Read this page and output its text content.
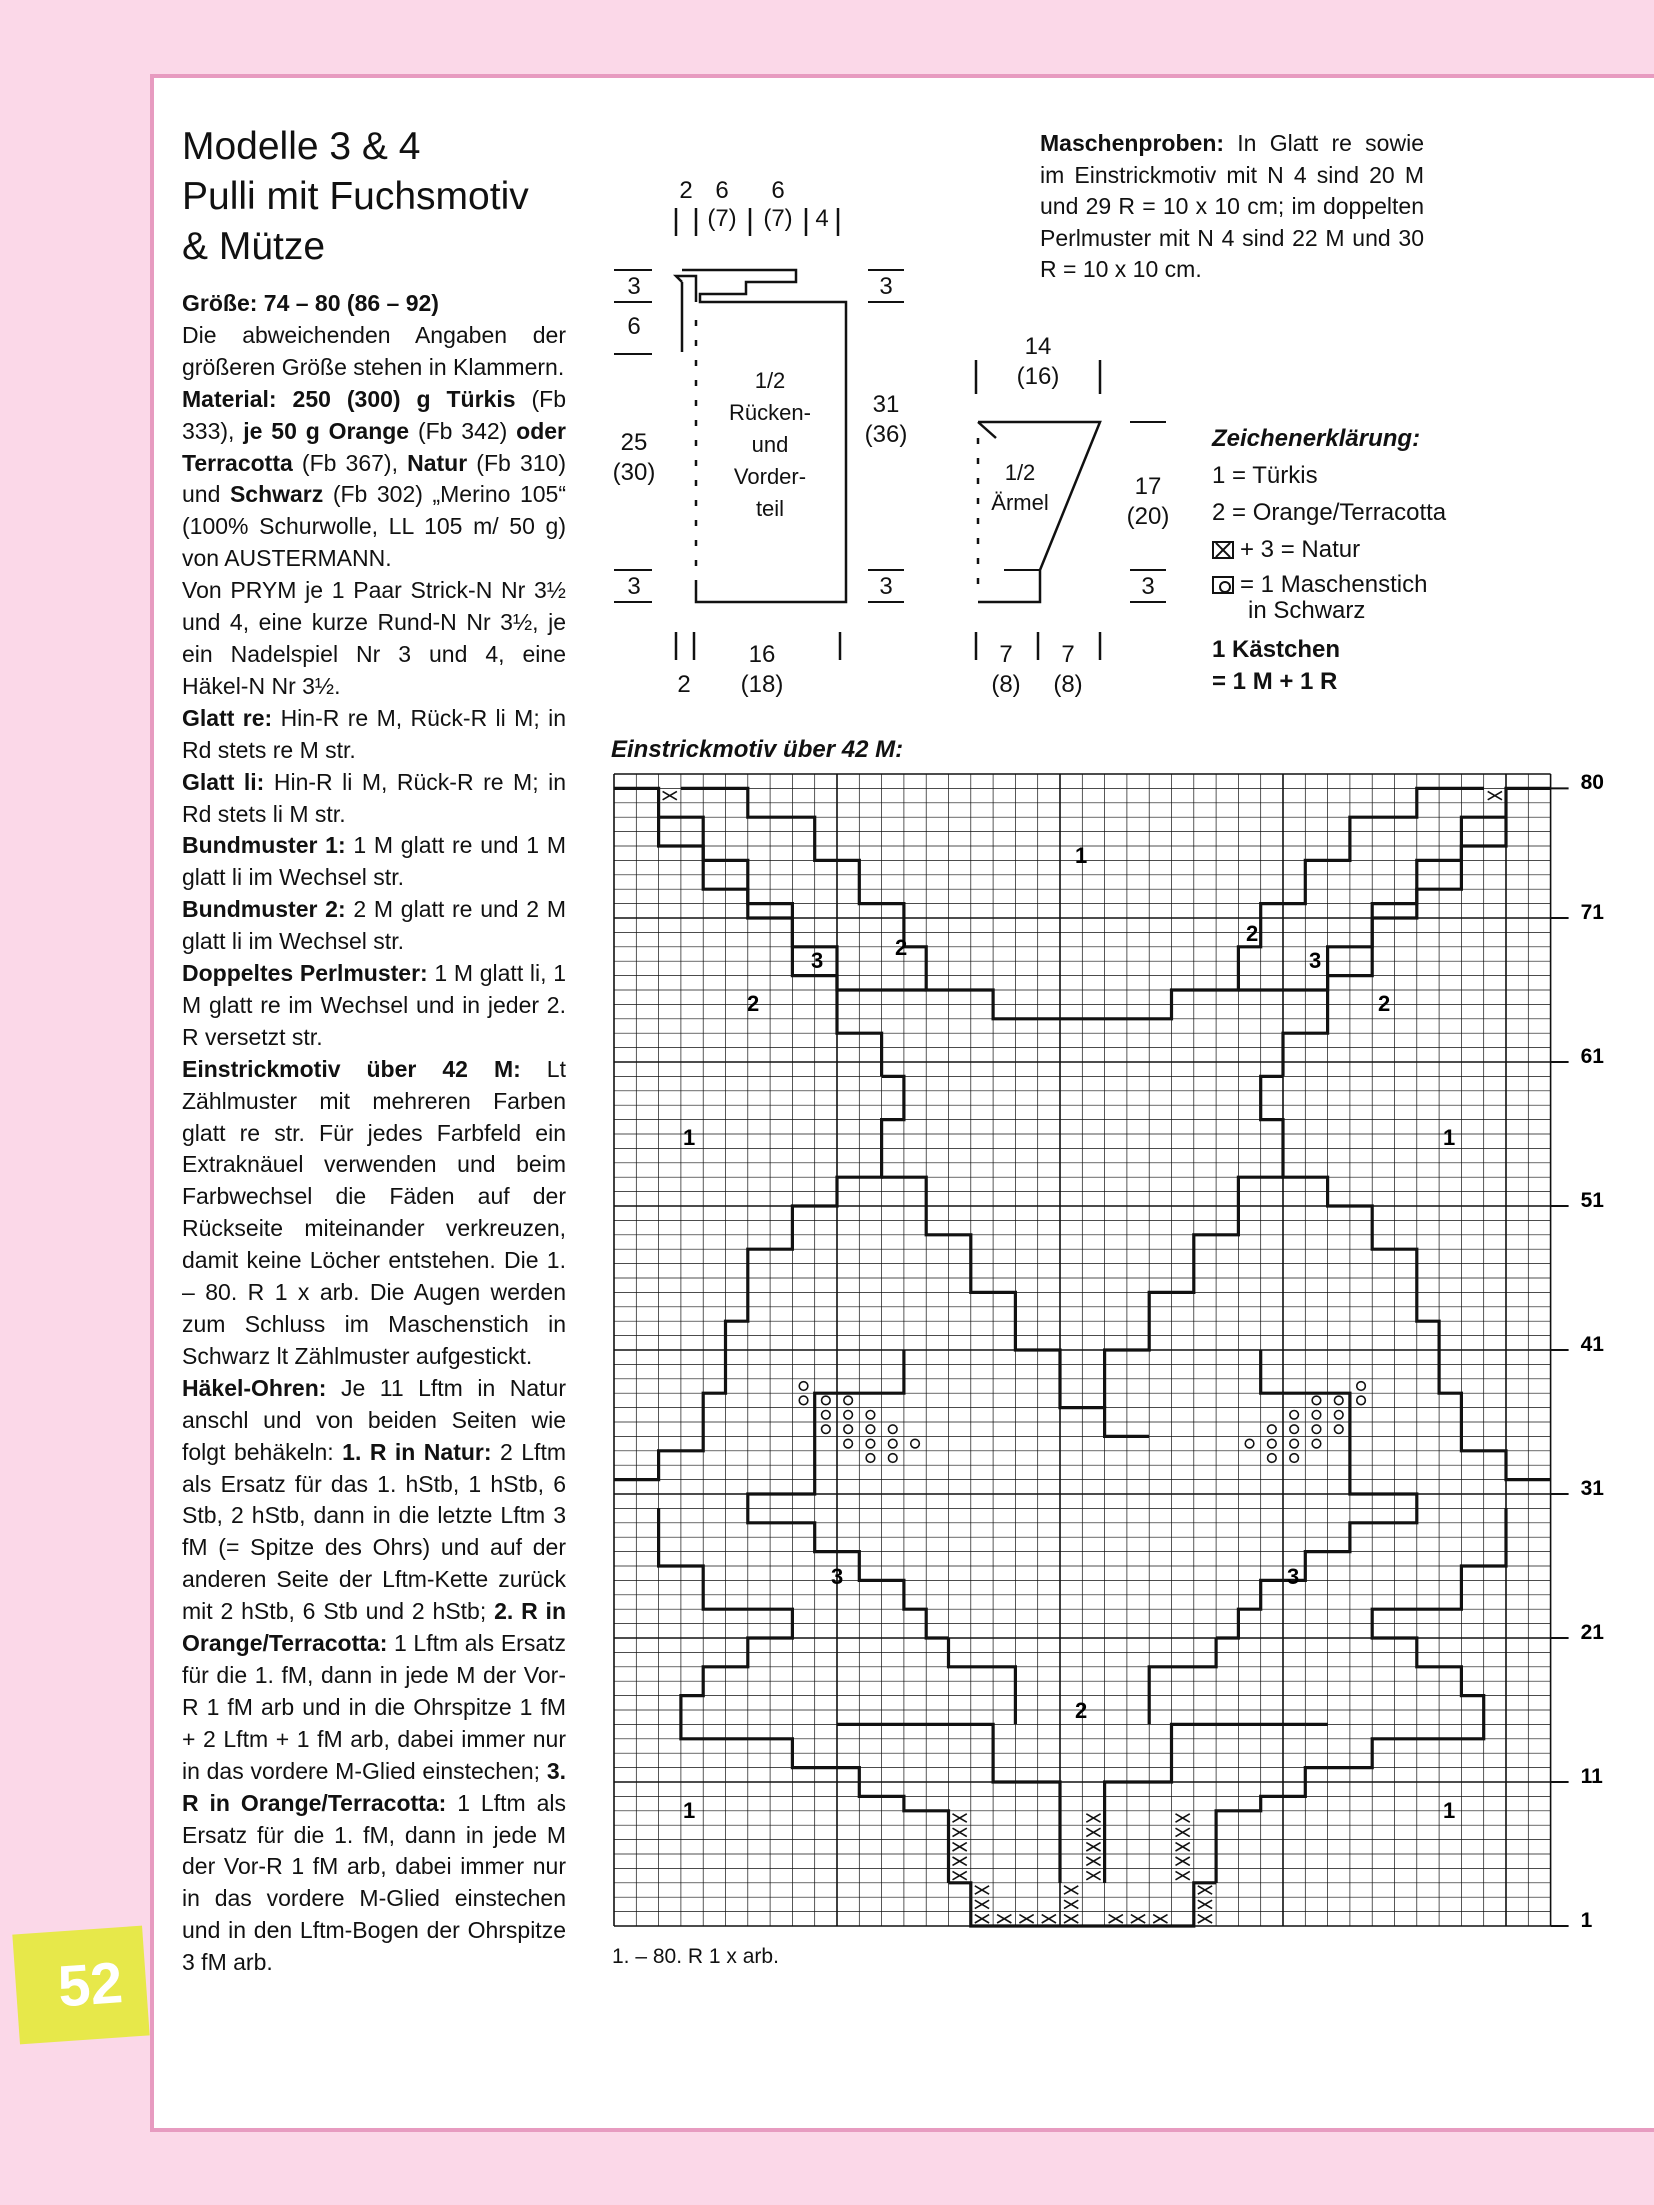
52
Modelle 3 & 4
Pulli mit Fuchsmotiv
& Mütze

Größe: 74 – 80 (86 – 92)
Die abweichenden Angaben der größeren Größe stehen in Klammern.

Material: 250 (300) g Türkis (Fb 333), je 50 g Orange (Fb 342) oder Terracotta (Fb 367), Natur (Fb 310) und Schwarz (Fb 302) „Merino 105“ (100% Schurwolle, LL 105 m/ 50 g) von AUSTERMANN.

Von PRYM je 1 Paar Strick-N Nr 3½ und 4, eine kurze Rund-N Nr 3½, je ein Nadelspiel Nr 3 und 4, eine Häkel-N Nr 3½.

Glatt re: Hin-R re M, Rück-R li M; in Rd stets re M str.

Glatt li: Hin-R li M, Rück-R re M; in Rd stets li M str.

Bundmuster 1: 1 M glatt re und 1 M glatt li im Wechsel str.

Bundmuster 2: 2 M glatt re und 2 M glatt li im Wechsel str.

Doppeltes Perlmuster: 1 M glatt li, 1 M glatt re im Wechsel und in jeder 2. R versetzt str.

Einstrickmotiv über 42 M: Lt Zählmuster mit mehreren Farben glatt re str. Für jedes Farbfeld ein Extraknäuel verwenden und beim Farbwechsel die Fäden auf der Rückseite miteinander verkreuzen, damit keine Löcher entstehen. Die 1. – 80. R 1 x arb. Die Augen werden zum Schluss im Maschenstich in Schwarz lt Zählmuster aufgestickt.

Häkel-Ohren: Je 11 Lftm in Natur anschl und von beiden Seiten wie folgt behäkeln: 1. R in Natur: 2 Lftm als Ersatz für das 1. hStb, 1 hStb, 6 Stb, 2 hStb, dann in die letzte Lftm 3 fM (= Spitze des Ohrs) und auf der anderen Seite der Lftm-Kette zurück mit 2 hStb, 6 Stb und 2 hStb; 2. R in Orange/Terracotta: 1 Lftm als Ersatz für die 1. fM, dann in jede M der Vor-R 1 fM arb und in die Ohrspitze 1 fM + 2 Lftm + 1 fM arb, dabei immer nur in das vordere M-Glied einstechen; 3. R in Orange/Terracotta: 1 Lftm als Ersatz für die 1. fM, dann in jede M der Vor-R 1 fM arb, dabei immer nur in das vordere M-Glied einstechen und in den Lftm-Bogen der Ohrspitze 3 fM arb.

Maschenproben: In Glatt re sowie im Einstrickmotiv mit N 4 sind 20 M und 29 R = 10 x 10 cm; im doppelten Perlmuster mit N 4 sind 22 M und 30 R = 10 x 10 cm.
Zeichenerklärung:
1 = Türkis
2 = Orange/Terracotta
+ 3 = Natur
= 1 Maschenstich
in Schwarz
1 Kästchen
= 1 M + 1 R
2 6
(7)
6
(7) 4
3
6
25
(30)
3
1/2
Rücken-
und
Vorder-
teil
3
31
(36)
3
2
16
(18)
14
(16)
1/2
Ärmel
17
(20)
3
7
(8)
7
(8)
Einstrickmotiv über 42 M:
80
71
61
51
41
31
21
11
1
1
1	1
1	1
2
2
2	2
2
3	3
3	3
1. – 80. R 1 x arb.
